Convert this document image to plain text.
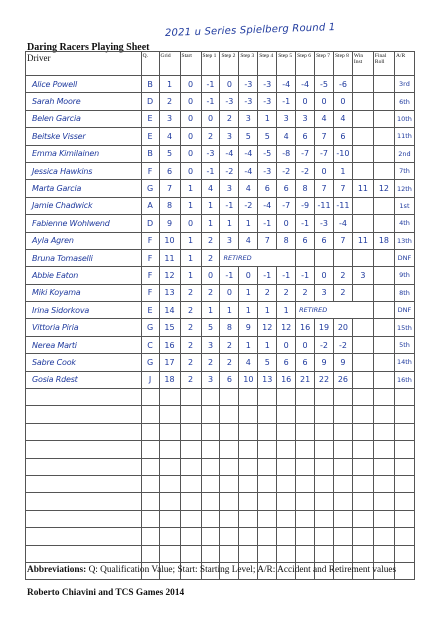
Daring Racers Playing Sheet
2021 u Series Spielberg Round 1
Driver	Q.	Grid	Start	Step 1	Step 2	Step 3	Step 4	Step 5	Step 6	Step 7	Step 8	Win Inst	Final Roll	A/R
Alice Powell	B	1	0	-1	0	-3	-3	-4	-4	-5	-6			3rd
Sarah Moore	D	2	0	-1	-3	-3	-3	-1	0	0	0			6th
Belen Garcia	E	3	0	0	2	3	1	3	3	4	4			10th
Beitske Visser	E	4	0	2	3	5	5	4	6	7	6			11th
Emma Kimilainen	B	5	0	-3	-4	-4	-5	-8	-7	-7	-10			2nd
Jessica Hawkins	F	6	0	-1	-2	-4	-3	-2	-2	0	1			7th
Marta Garcia	G	7	1	4	3	4	6	6	8	7	7	11	12	12th
Jamie Chadwick	A	8	1	1	-1	-2	-4	-7	-9	-11	-11			1st
Fabienne Wohlwend	D	9	0	1	1	1	-1	0	-1	-3	-4			4th
Ayla Agren	F	10	1	2	3	4	7	8	6	6	7	11	18	13th
Bruna Tomaselli	F	11	1	2	RETIRED									DNF
Abbie Eaton	F	12	1	0	-1	0	-1	-1	-1	0	2	3		9th
Miki Koyama	F	13	2	2	0	1	2	2	2	3	2			8th
Irina Sidorkova	E	14	2	1	1	1	1	1	RETIRED					DNF
Vittoria Piria	G	15	2	5	8	9	12	12	16	19	20			15th
Nerea Marti	C	16	2	3	2	1	1	0	0	-2	-2			5th
Sabre Cook	G	17	2	2	2	4	5	6	6	9	9			14th
Gosia Rdest	J	18	2	3	6	10	13	16	21	22	26			16th

Abbreviations: Q: Qualification Value; Start: Starting Level; A/R: Accident and Retirement values
Roberto Chiavini and TCS Games 2014
